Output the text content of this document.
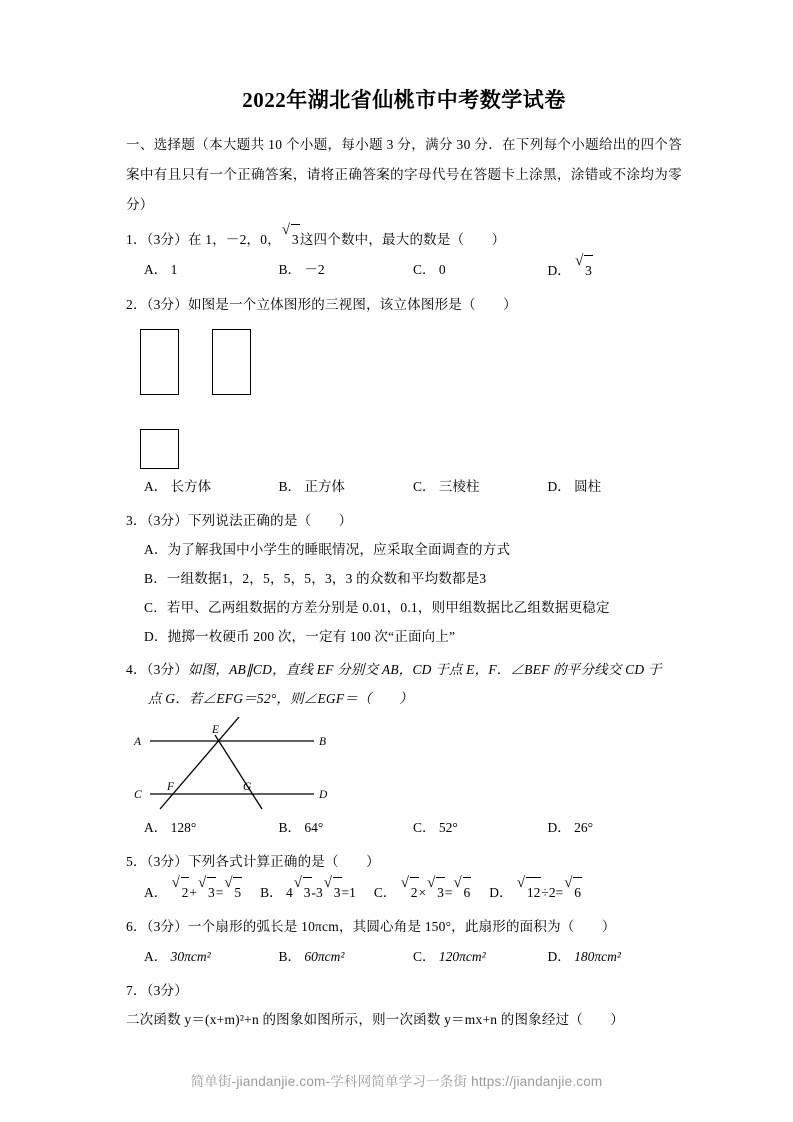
2022年湖北省仙桃市中考数学试卷
一、选择题（本大题共 10 个小题，每小题 3 分，满分 30 分．在下列每个小题给出的四个答案中有且只有一个正确答案，请将正确答案的字母代号在答题卡上涂黑，涂错或不涂均为零分）
1．（3分）在 1，－2，0，
√
3这四个数中，最大的数是（　　）
A． 1	B． －2	C． 0	D．
√
3
2．（3分）如图是一个立体图形的三视图，该立体图形是（　　）
A． 长方体	B． 正方体	C． 三棱柱	D． 圆柱
3．（3分）下列说法正确的是（　　）
A．为了解我国中小学生的睡眠情况，应采取全面调查的方式
B．一组数据1，2，5，5，5，3，3 的众数和平均数都是3
C．若甲、乙两组数据的方差分别是 0.01，0.1，则甲组数据比乙组数据更稳定
D．抛掷一枚硬币 200 次，一定有 100 次“正面向上”
4．（3分）如图，AB∥CD，直线 EF 分别交 AB，CD 于点 E，F．∠BEF 的平分线交 CD 于
点 G．若∠EFG＝52°，则∠EGF＝（　　）
A	B
C	D
E
F	G
A． 128°	B． 64°	C． 52°	D． 26°
5．（3分）下列各式计算正确的是（　　）
A．
√
2+
√
3=
√
5 B． 4
√
3-3
√
3=1 C．
√
2×
√
3=
√
6 D．
√
12÷2=
√
6
6．（3分）一个扇形的弧长是 10πcm，其圆心角是 150°，此扇形的面积为（　　）
A． 30πcm²	B． 60πcm²	C． 120πcm²	D． 180πcm²
7．（3分）二次函数 y＝(x+m)²+n 的图象如图所示，则一次函数 y＝mx+n 的图象经过（　　）
简单街-jiandanjie.com-学科网简单学习一条街 https://jiandanjie.com
